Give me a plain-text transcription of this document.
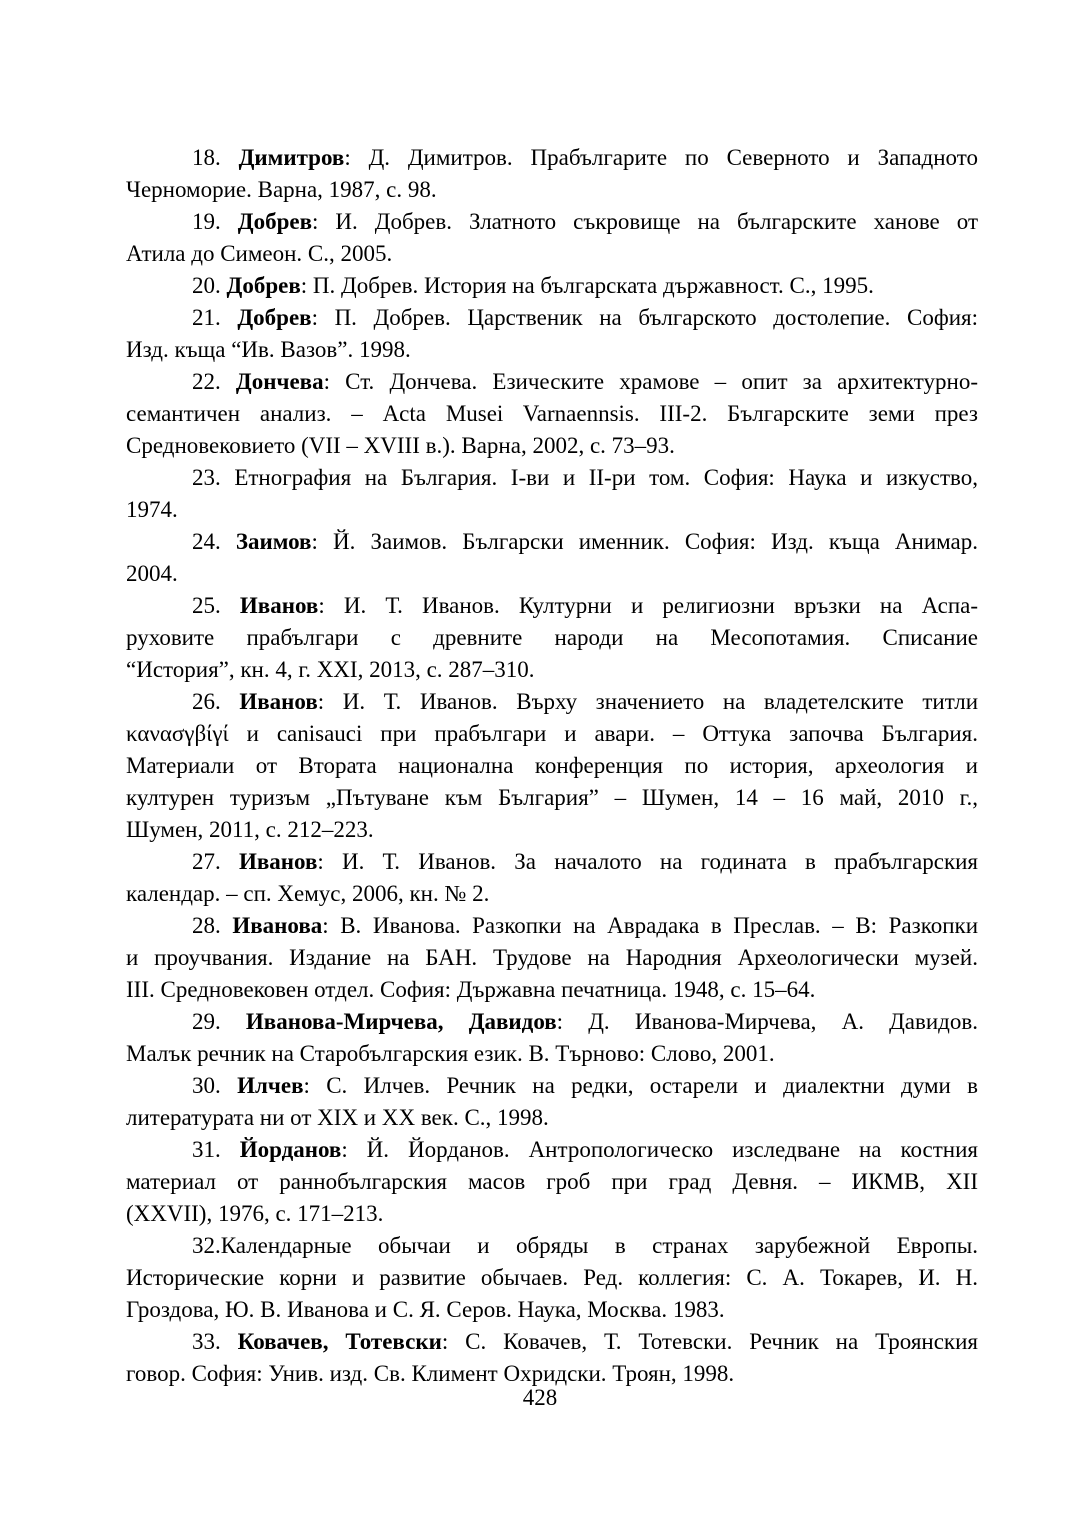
18. Димитров: Д. Димитров. Прабългарите по Северното и Западното
Черноморие. Варна, 1987, с. 98.
19. Добрев: И. Добрев. Златното съкровище на българските ханове от
Атила до Симеон. С., 2005.
20. Добрев: П. Добрев. История на българската държавност. С., 1995.
21. Добрев: П. Добрев. Царственик на българското достолепие. София:
Изд. къща “Ив. Вазов”. 1998.
22. Дончева: Ст. Дончева. Езическите храмове – опит за архитектурно-
семантичен анализ. – Acta Musei Varnaennsis. III-2. Българските земи през
Средновековието (VII – XVIII в.). Варна, 2002, с. 73–93.
23. Етнография на България. I-ви и II-ри том. София: Наука и изкуство,
1974.
24. Заимов: Й. Заимов. Български именник. София: Изд. къща Анимар.
2004.
25. Иванов: И. Т. Иванов. Културни и религиозни връзки на Аспа-
руховите прабългари с древните народи на Месопотамия. Списание
“История”, кн. 4, г. XXI, 2013, с. 287–310.
26. Иванов: И. Т. Иванов. Върху значението на владетелските титли
κανασγβίγί и canisauci при прабългари и авари. – Оттука започва България.
Материали от Втората национална конференция по история, археология и
културен туризъм „Пътуване към България” – Шумен, 14 – 16 май, 2010 г.,
Шумен, 2011, с. 212–223.
27. Иванов: И. Т. Иванов. За началото на годината в прабългарския
календар. – сп. Хемус, 2006, кн. № 2.
28. Иванова: В. Иванова. Разкопки на Аврадака в Преслав. – В: Разкопки
и проучвания. Издание на БАН. Трудове на Народния Археологически музей.
III. Средновековен отдел. София: Държавна печатница. 1948, с. 15–64.
29. Иванова-Мирчева, Давидов: Д. Иванова-Мирчева, А. Давидов.
Малък речник на Старобългарския език. В. Търново: Слово, 2001.
30. Илчев: С. Илчев. Речник на редки, остарели и диалектни думи в
литературата ни от XIX и XX век. С., 1998.
31. Йорданов: Й. Йорданов. Антропологическо изследване на костния
материал от раннобългарския масов гроб при град Девня. – ИКМВ, XII
(XXVII), 1976, с. 171–213.
32.Календарные обычаи и обряды в странах зарубежной Европы.
Исторические корни и развитие обычаев. Ред. коллегия: С. А. Токарев, И. Н.
Гроздова, Ю. В. Иванова и С. Я. Серов. Наука, Москва. 1983.
33. Ковачев, Тотевски: С. Ковачев, Т. Тотевски. Речник на Троянския
говор. София: Унив. изд. Св. Климент Охридски. Троян, 1998.
428
